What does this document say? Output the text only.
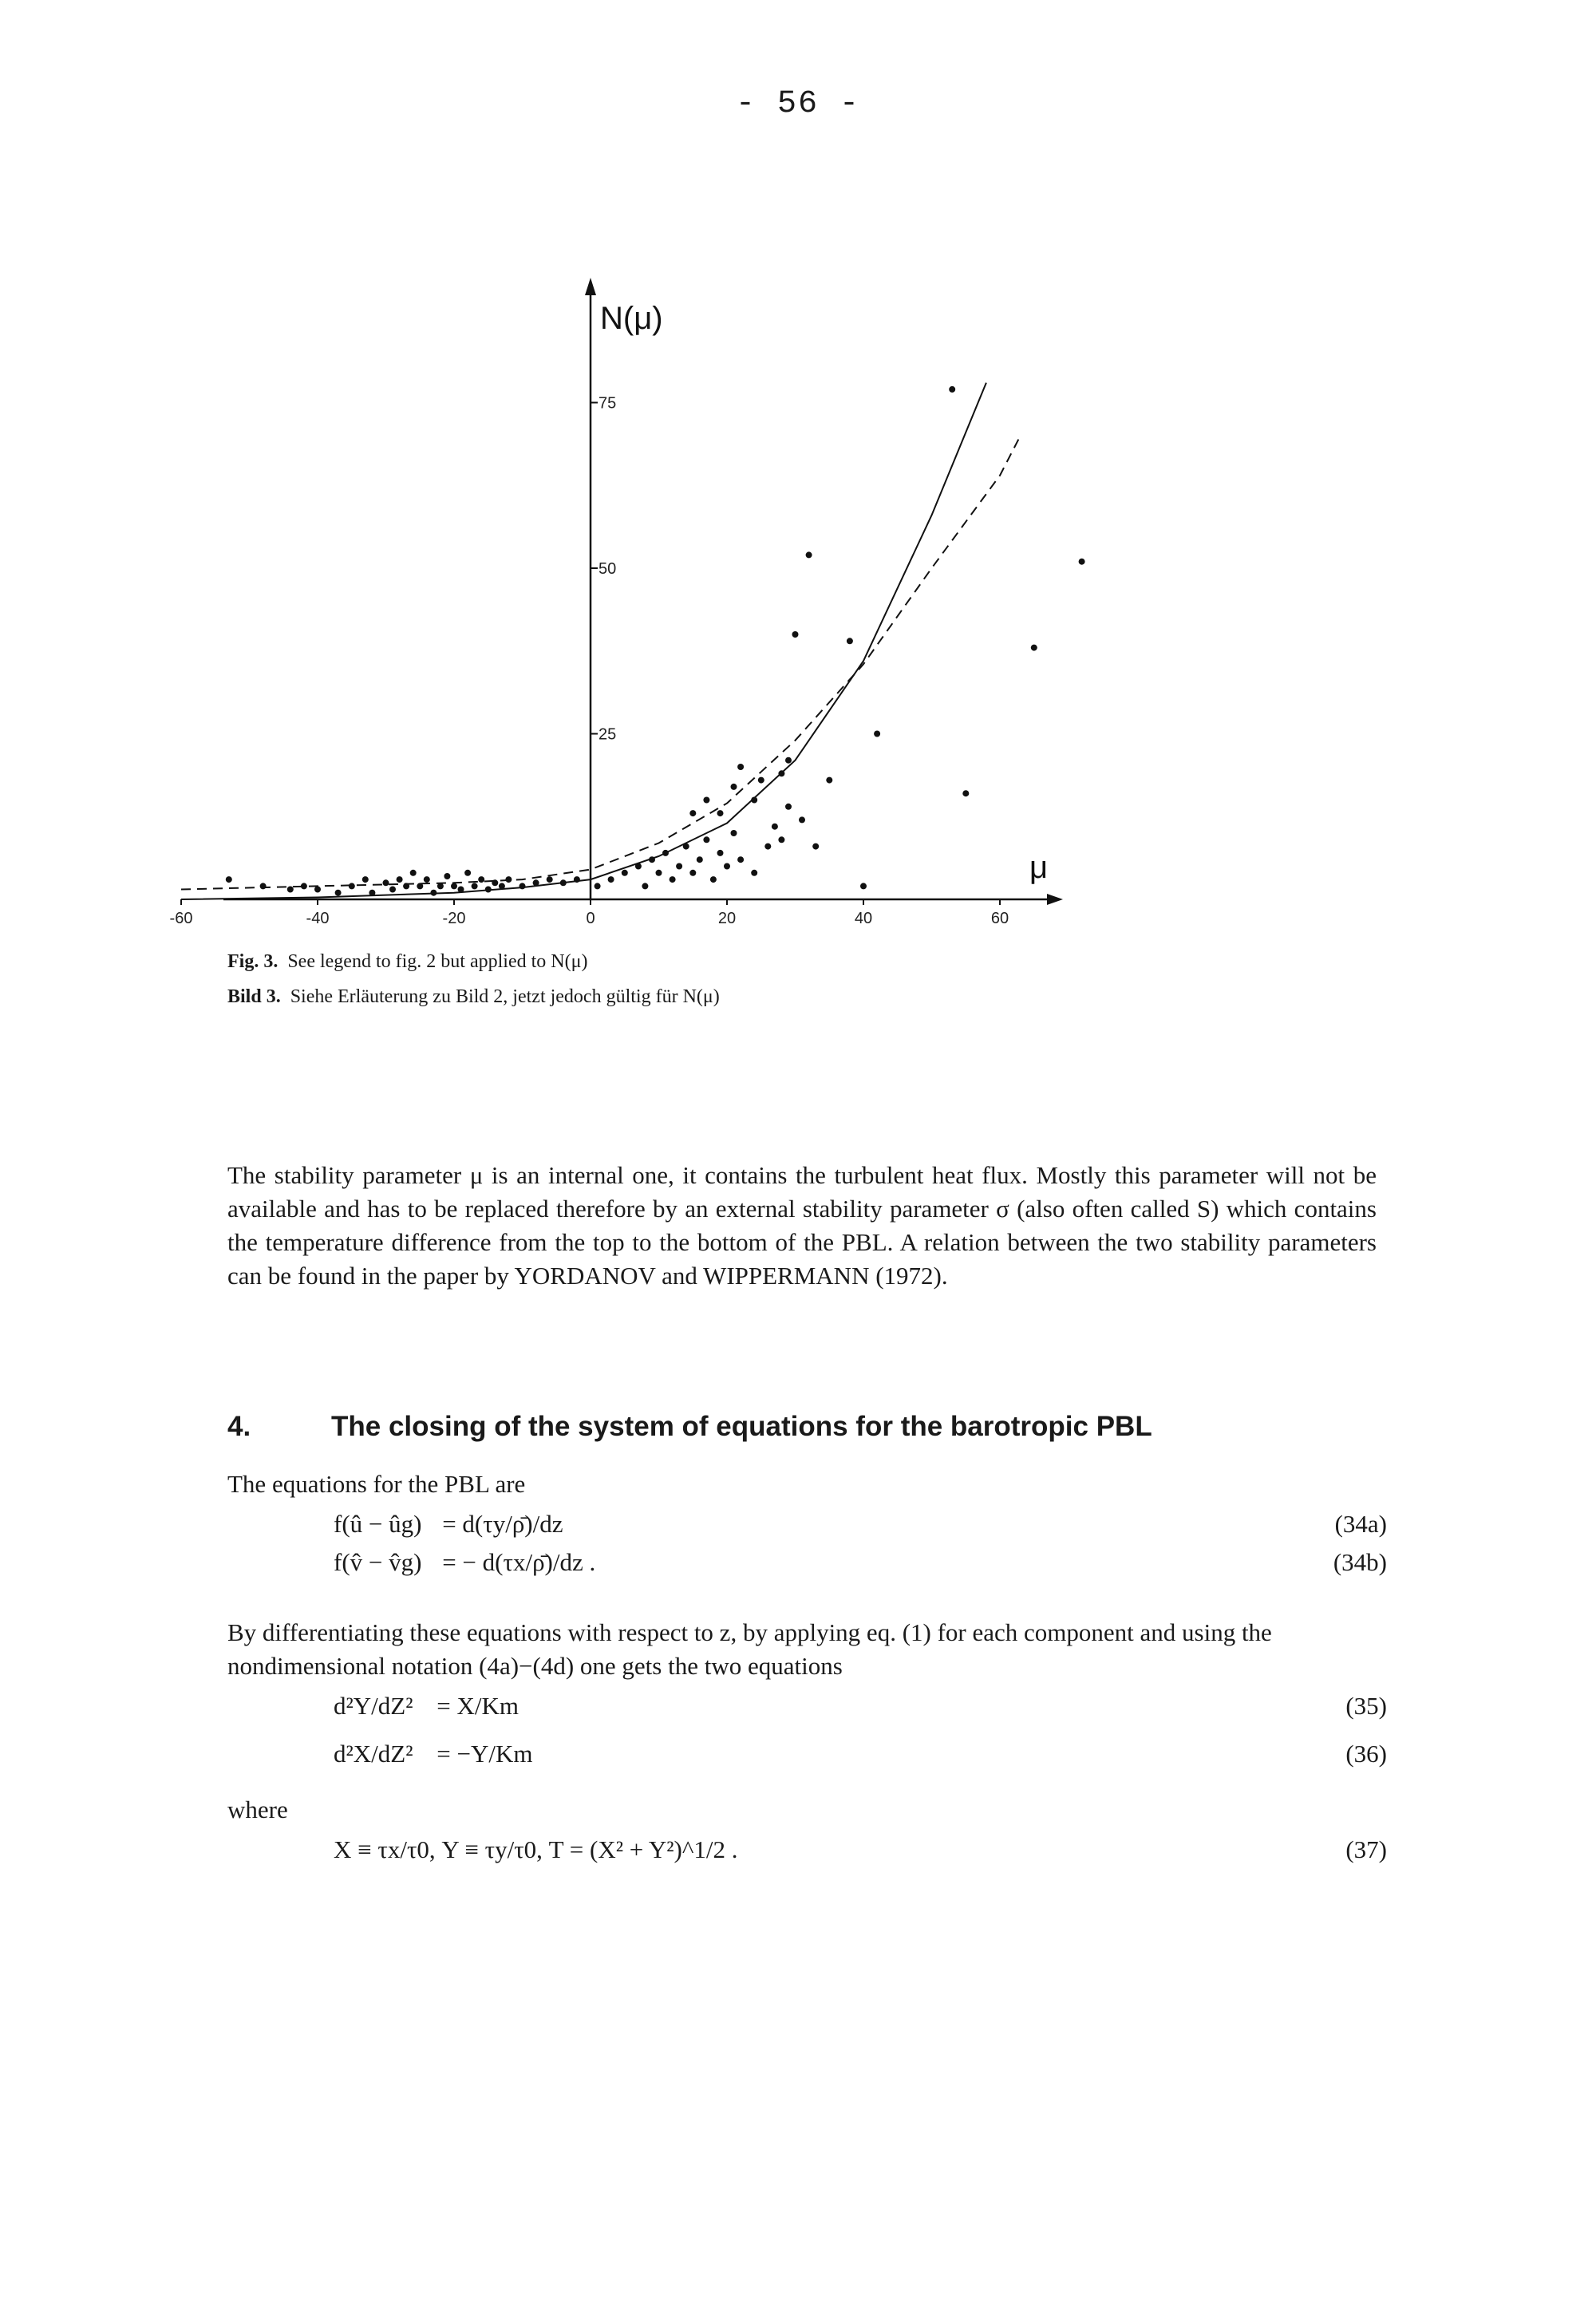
- 56 -
-60	-40	-20	0	20	40	60
25
50
75
N(μ)
μ
Fig. 3. See legend to fig. 2 but applied to N(μ)
Bild 3. Siehe Erläuterung zu Bild 2, jetzt jedoch gültig für N(μ)
The stability parameter μ is an internal one, it contains the turbulent heat flux. Mostly this parameter will not be available and has to be replaced therefore by an external stability parameter σ (also often called S) which contains the temperature difference from the top to the bottom of the PBL. A relation between the two stability parameters can be found in the paper by YORDANOV and WIPPERMANN (1972).
4.	The closing of the system of equations for the barotropic PBL
The equations for the PBL are
f(û − ûg) = d(τy/ρ̄)/dz	(34a)
f(v̂ − v̂g) = − d(τx/ρ̄)/dz .	(34b)
By differentiating these equations with respect to z, by applying eq. (1) for each component and using the
nondimensional notation (4a)−(4d) one gets the two equations
d²Y/dZ² = X/Km	(35)
d²X/dZ² = −Y/Km	(36)
where
X ≡ τx/τ0, Y ≡ τy/τ0, T = (X² + Y²)^1/2 .	(37)
